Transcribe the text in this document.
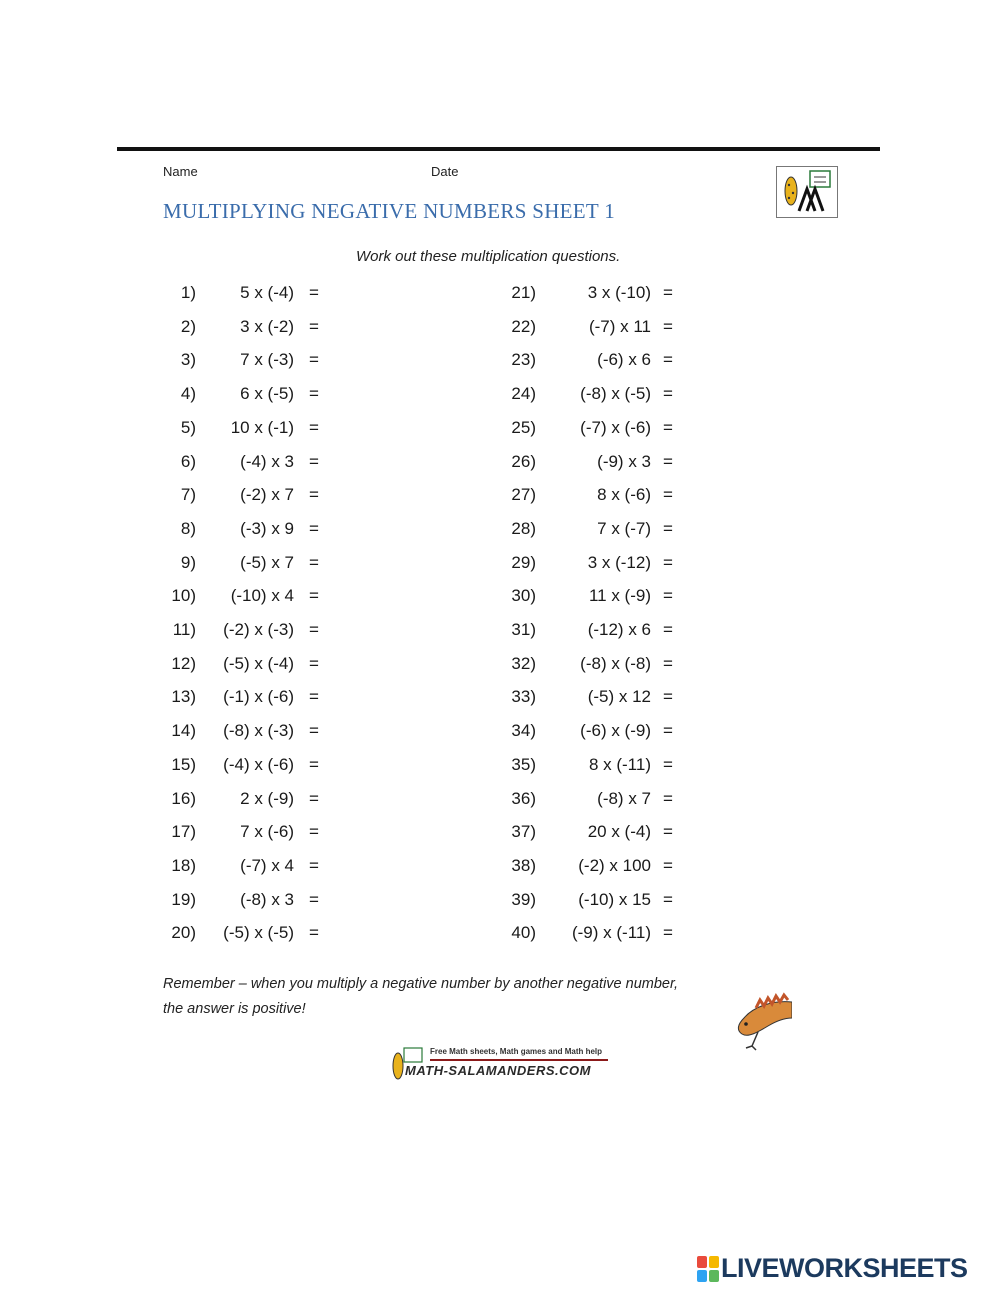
Name	Date
MULTIPLYING NEGATIVE NUMBERS SHEET 1
Work out these multiplication questions.
1)	5 x (-4) =
2)	3 x (-2) =
3)	7 x (-3) =
4)	6 x (-5) =
5)	10 x (-1) =
6)	(-4) x 3 =
7)	(-2) x 7 =
8)	(-3) x 9 =
9)	(-5) x 7 =
10)	(-10) x 4 =
11)	(-2) x (-3) =
12)	(-5) x (-4) =
13)	(-1) x (-6) =
14)	(-8) x (-3) =
15)	(-4) x (-6) =
16)	2 x (-9) =
17)	7 x (-6) =
18)	(-7) x 4 =
19)	(-8) x 3 =
20)	(-5) x (-5) =
21)	3 x (-10) =
22)	(-7) x 11 =
23)	(-6) x 6 =
24)	(-8) x (-5) =
25)	(-7) x (-6) =
26)	(-9) x 3 =
27)	8 x (-6) =
28)	7 x (-7) =
29)	3 x (-12) =
30)	11 x (-9) =
31)	(-12) x 6 =
32)	(-8) x (-8) =
33)	(-5) x 12 =
34)	(-6) x (-9) =
35)	8 x (-11) =
36)	(-8) x 7 =
37)	20 x (-4) =
38)	(-2) x 100 =
39)	(-10) x 15 =
40)	(-9) x (-11) =
Remember – when you multiply a negative number by another negative number,
the answer is positive!
Free Math sheets, Math games and Math help
MATH-SALAMANDERS.COM
LIVEWORKSHEETS
